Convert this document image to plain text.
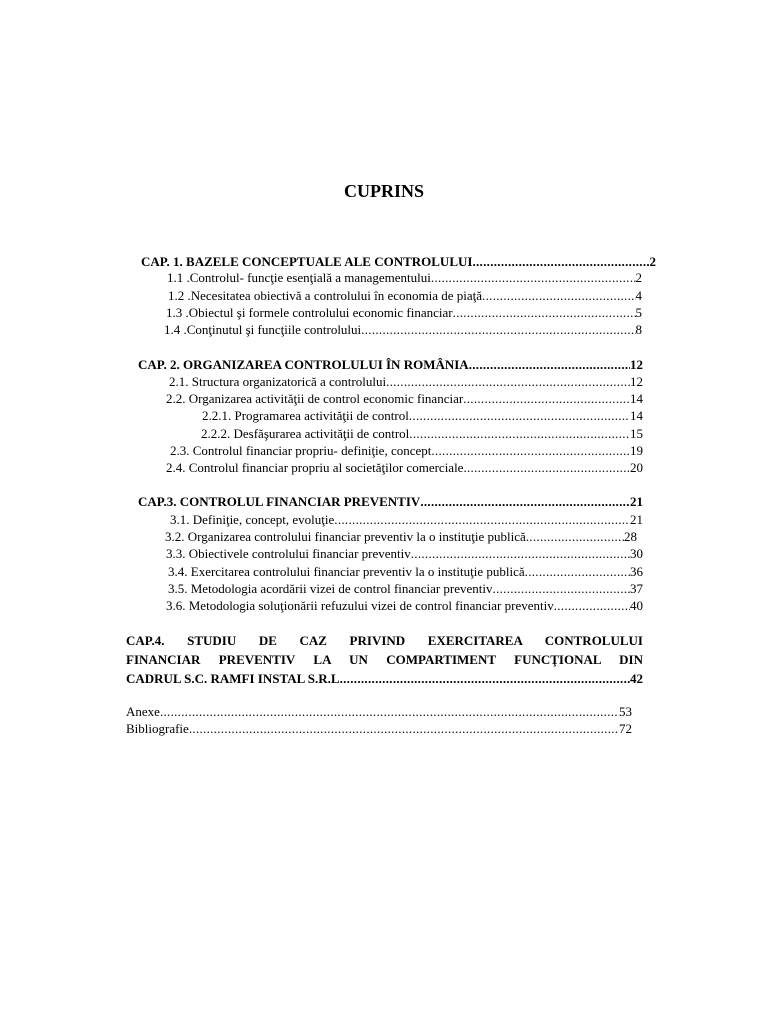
CUPRINS
CAP. 1. BAZELE CONCEPTUALE ALE CONTROLULUI .....	2
1.1 .Controlul- funcţie esenţială a managementului .....	2
1.2 .Necesitatea obiectivă a controlului în economia de piaţă .....	4
1.3 .Obiectul şi formele controlului economic financiar .....	5
1.4 .Conţinutul şi funcţiile controlului .....	8
CAP. 2. ORGANIZAREA CONTROLULUI ÎN ROMÂNIA .....	12
2.1. Structura organizatorică a controlului .....	12
2.2. Organizarea activităţii de control economic financiar .....	14
2.2.1. Programarea activităţii de control .....	14
2.2.2. Desfăşurarea activităţii de control .....	15
2.3. Controlul financiar propriu- definiţie, concept .....	19
2.4. Controlul financiar propriu al societăţilor comerciale .....	20
CAP.3. CONTROLUL FINANCIAR PREVENTIV .....	21
3.1. Definiţie, concept, evoluţie .....	21
3.2. Organizarea controlului financiar preventiv la o instituţie publică .....	28
3.3. Obiectivele controlului financiar preventiv .....	30
3.4. Exercitarea controlului financiar preventiv la o instituţie publică .....	36
3.5. Metodologia acordării vizei de control financiar preventiv .....	37
3.6. Metodologia soluţionării refuzului vizei de control financiar preventiv .....	40
CAP.4. STUDIU DE CAZ PRIVIND EXERCITAREA CONTROLULUI
FINANCIAR PREVENTIV LA UN COMPARTIMENT FUNCŢIONAL DIN
CADRUL S.C. RAMFI INSTAL S.R.L .....	42
Anexe .....	53
Bibliografie .....	72
